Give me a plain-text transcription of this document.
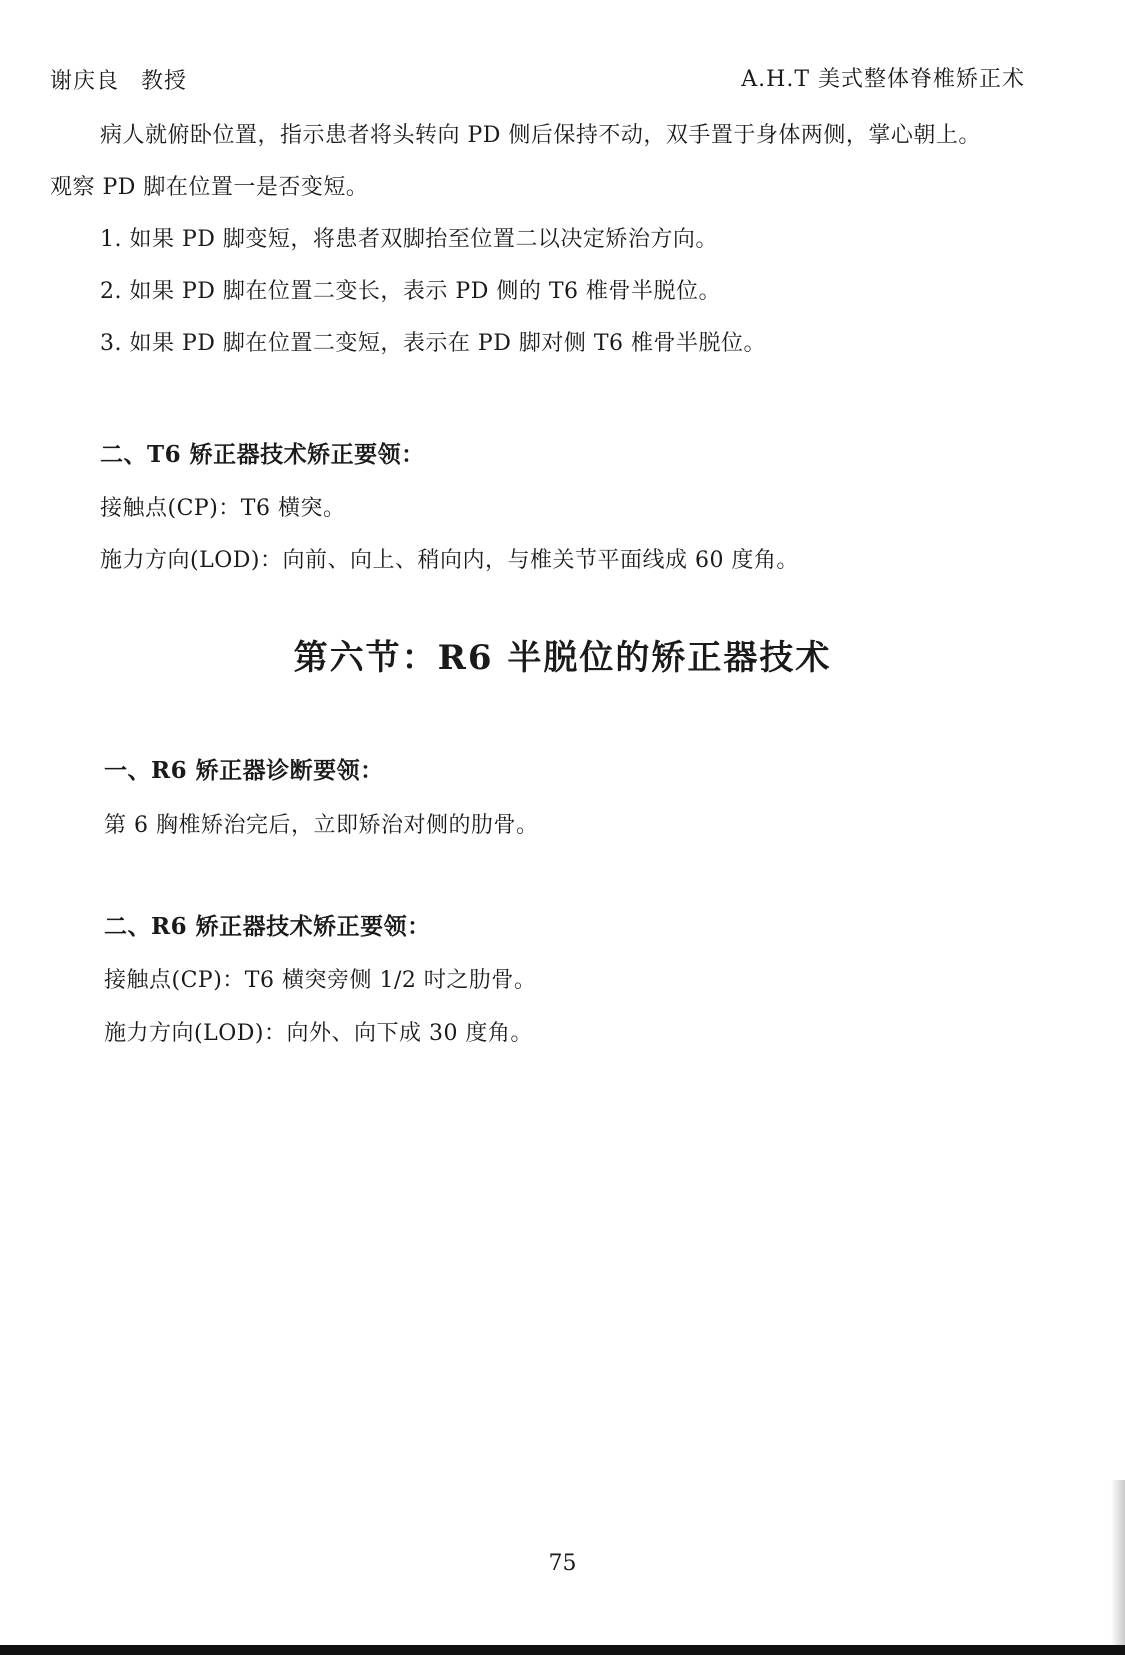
谢庆良 教授	A.H.T 美式整体脊椎矫正术
病人就俯卧位置，指示患者将头转向 PD 侧后保持不动，双手置于身体两侧，掌心朝上。
观察 PD 脚在位置一是否变短。
1. 如果 PD 脚变短，将患者双脚抬至位置二以决定矫治方向。
2. 如果 PD 脚在位置二变长，表示 PD 侧的 T6 椎骨半脱位。
3. 如果 PD 脚在位置二变短，表示在 PD 脚对侧 T6 椎骨半脱位。
二、T6 矫正器技术矫正要领：
接触点(CP)：T6 横突。
施力方向(LOD)：向前、向上、稍向内，与椎关节平面线成 60 度角。
第六节：R6 半脱位的矫正器技术
一、R6 矫正器诊断要领：
第 6 胸椎矫治完后，立即矫治对侧的肋骨。
二、R6 矫正器技术矫正要领：
接触点(CP)：T6 横突旁侧 1/2 吋之肋骨。
施力方向(LOD)：向外、向下成 30 度角。
75
